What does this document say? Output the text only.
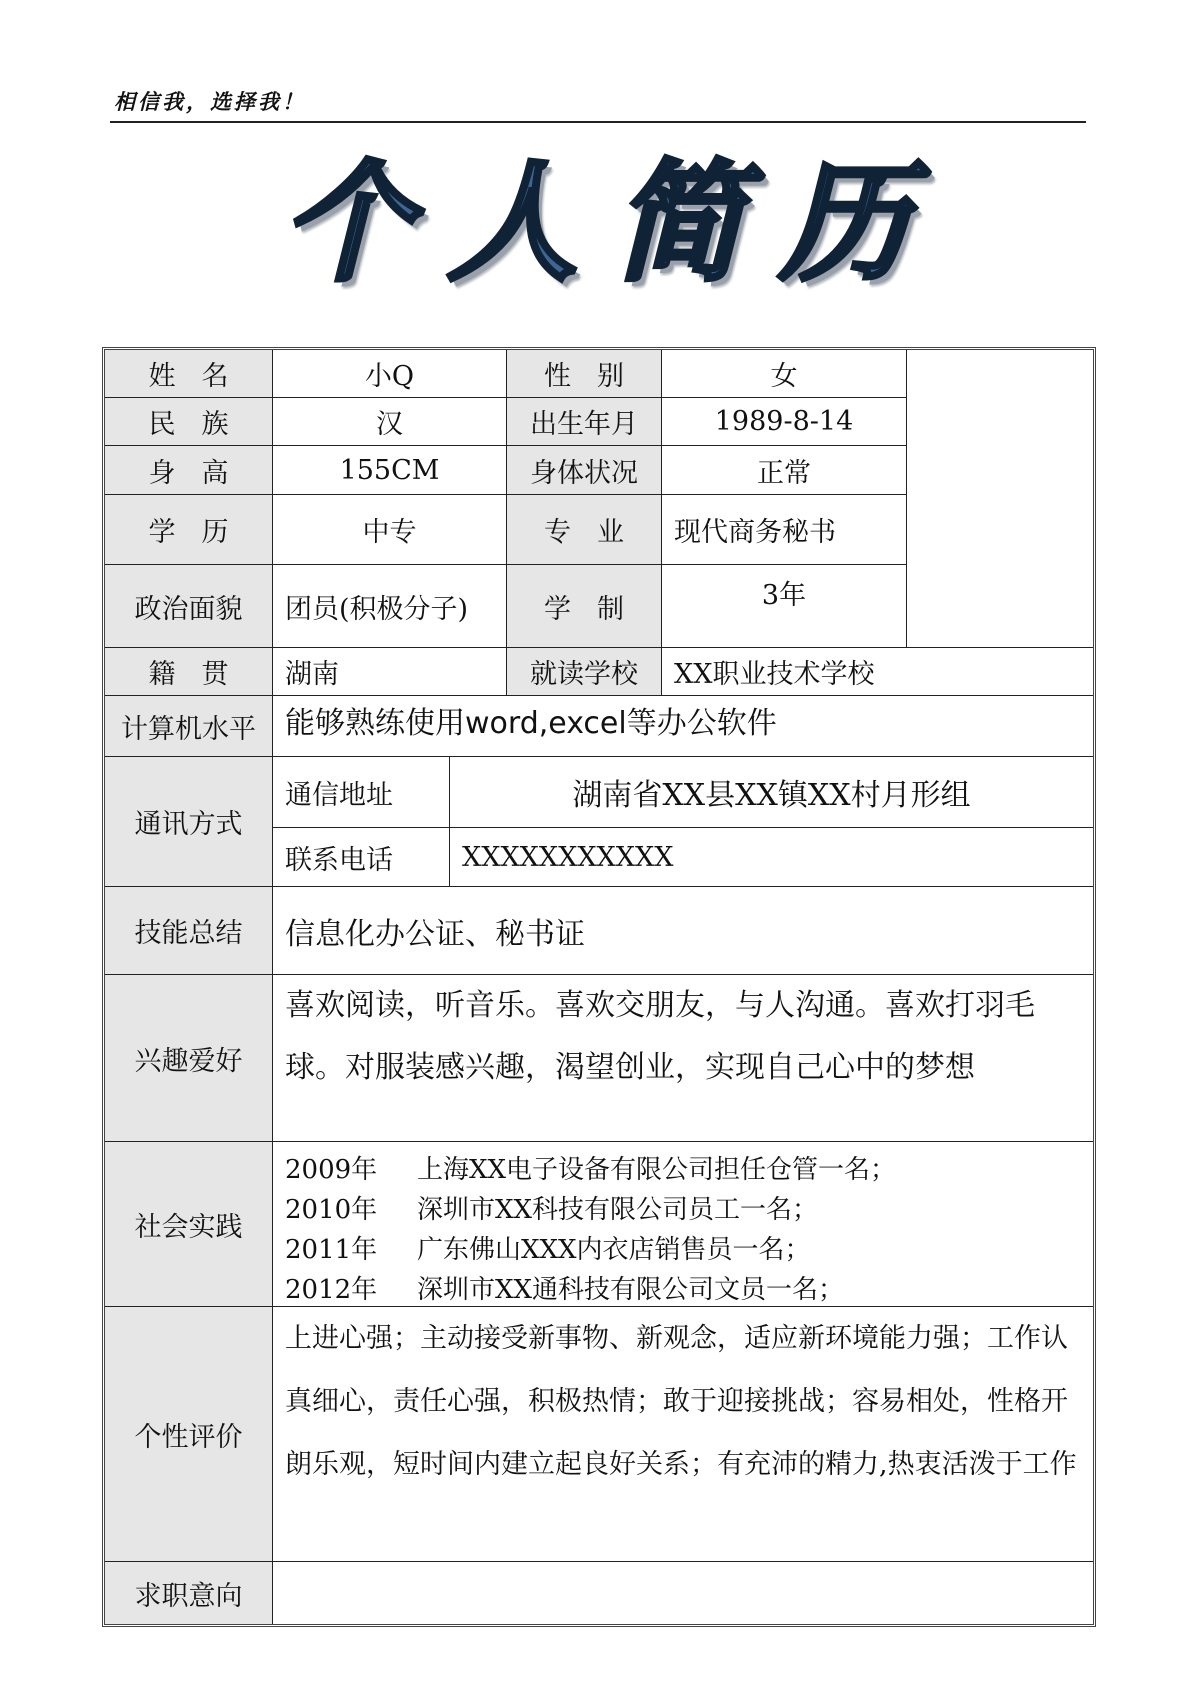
相信我，选择我！
个人简历
姓名	小Q	性别	女
民族	汉	出生年月	1989-8-14
身高	155CM	身体状况	正常
学历	中专	专业 现代商务秘书
政治面貌	团员(积极分子)	学制	3年
籍贯	湖南	就读学校	XX职业技术学校
计算机水平 能够熟练使用word,excel等办公软件
通讯方式
通信地址	湖南省XX县XX镇XX村月形组
联系电话	XXXXXXXXXXX
技能总结	信息化办公证、秘书证
兴趣爱好
喜欢阅读，听音乐。喜欢交朋友，与人沟通。喜欢打羽毛球。对服装感兴趣，渴望创业，实现自己心中的梦想
社会实践
2009年 上海XX电子设备有限公司担任仓管一名；
2010年 深圳市XX科技有限公司员工一名；
2011年 广东佛山XXX内衣店销售员一名；
2012年 深圳市XX通科技有限公司文员一名；
个性评价
上进心强；主动接受新事物、新观念，适应新环境能力强；工作认真细心，责任心强，积极热情；敢于迎接挑战；容易相处，性格开朗乐观，短时间内建立起良好关系；有充沛的精力,热衷活泼于工作
求职意向
